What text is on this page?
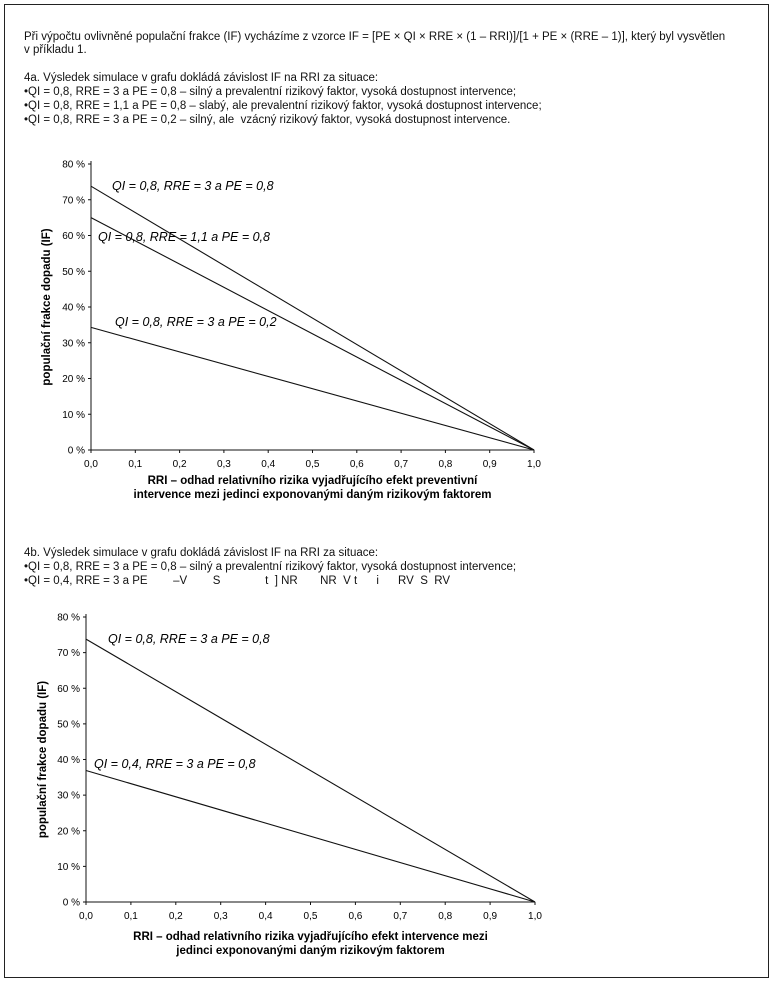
Při výpočtu ovlivněné populační frakce (IF) vycházíme z vzorce IF = [PE × QI × RRE × (1 – RRI)]/[1 + PE × (RRE – 1)], který byl vysvětlen
v příkladu 1.
4a. Výsledek simulace v grafu dokládá závislost IF na RRI za situace:
•QI = 0,8, RRE = 3 a PE = 0,8 – silný a prevalentní rizikový faktor, vysoká dostupnost intervence;
•QI = 0,8, RRE = 1,1 a PE = 0,8 – slabý, ale prevalentní rizikový faktor, vysoká dostupnost intervence;
•QI = 0,8, RRE = 3 a PE = 0,2 – silný, ale  vzácný rizikový faktor, vysoká dostupnost intervence.
0 %
10 %
20 %
30 %
40 %
50 %
60 %
70 %
80 %
0,0	0,1	0,2	0,3	0,4	0,5	0,6	0,7	0,8	0,9	1,0
QI = 0,8, RRE = 3 a PE = 0,8
QI = 0,8, RRE = 1,1 a PE = 0,8
QI = 0,8, RRE = 3 a PE = 0,2
RRI – odhad relativního rizika vyjadřujícího efekt preventivní
intervence mezi jedinci exponovanými daným rizikovým faktorem
populační frakce dopadu (IF)
4b. Výsledek simulace v grafu dokládá závislost IF na RRI za situace:
•QI = 0,8, RRE = 3 a PE = 0,8 – silný a prevalentní rizikový faktor, vysoká dostupnost intervence;
•QI = 0,4, RRE = 3 a PE        –V        S              t  ] NR       NR  V t      i      RV  S  RV
0 %
10 %
20 %
30 %
40 %
50 %
60 %
70 %
80 %
0,0	0,1	0,2	0,3	0,4	0,5	0,6	0,7	0,8	0,9	1,0
QI = 0,8, RRE = 3 a PE = 0,8
QI = 0,4, RRE = 3 a PE = 0,8
RRI – odhad relativního rizika vyjadřujícího efekt intervence mezi
jedinci exponovanými daným rizikovým faktorem
populační frakce dopadu (IF)
